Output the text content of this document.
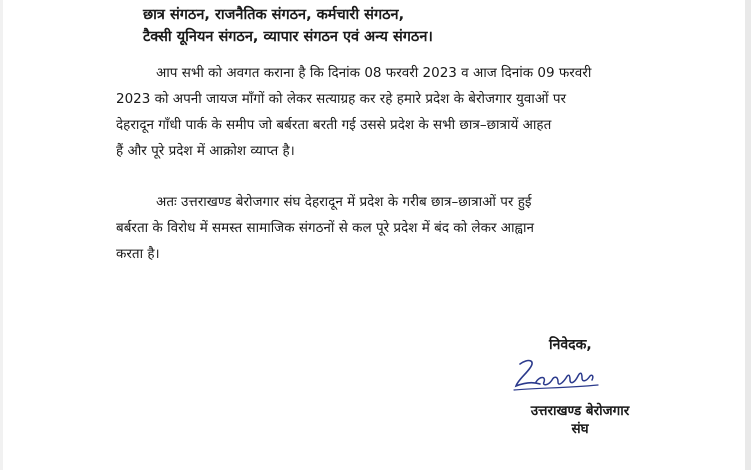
छात्र संगठन, राजनैतिक संगठन, कर्मचारी संगठन,
टैक्सी यूनियन संगठन, व्यापार संगठन एवं अन्य संगठन।
आप सभी को अवगत कराना है कि दिनांक 08 फरवरी 2023 व आज दिनांक 09 फरवरी
2023 को अपनी जायज माँगों को लेकर सत्याग्रह कर रहे हमारे प्रदेश के बेरोजगार युवाओं पर
देहरादून गाँधी पार्क के समीप जो बर्बरता बरती गई उससे प्रदेश के सभी छात्र–छात्रायें आहत
हैं और पूरे प्रदेश में आक्रोश व्याप्त है।
अतः उत्तराखण्ड बेरोजगार संघ देहरादून में प्रदेश के गरीब छात्र–छात्राओं पर हुई
बर्बरता के विरोध में समस्त सामाजिक संगठनों से कल पूरे प्रदेश में बंद को लेकर आह्वान
करता है।
निवेदक,
उत्तराखण्ड बेरोजगार
संघ
